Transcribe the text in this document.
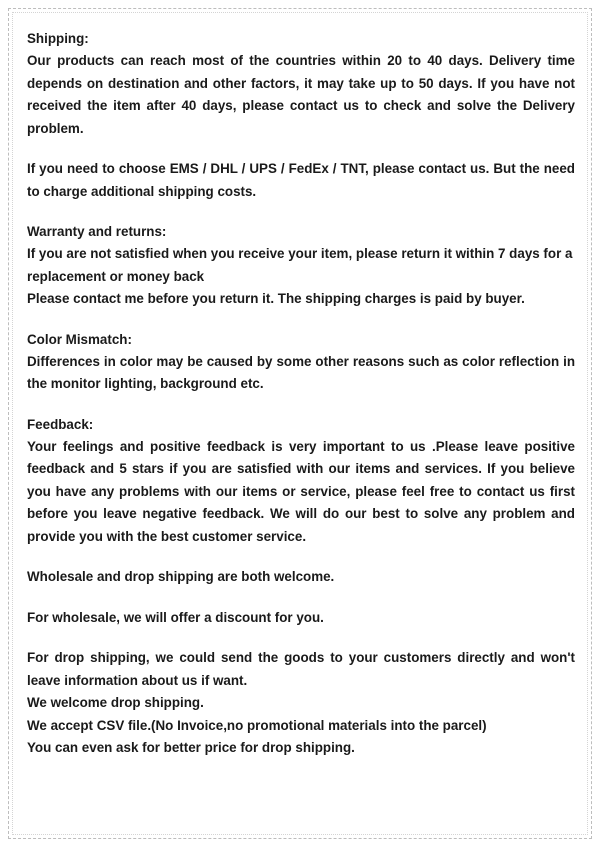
Shipping:

Our products can reach most of the countries within 20 to 40 days. Delivery time depends on destination and other factors, it may take up to 50 days. If you have not received the item after 40 days, please contact us to check and solve the Delivery problem.

If you need to choose EMS / DHL / UPS / FedEx / TNT, please contact us. But the need to charge additional shipping costs.

Warranty and returns:

If you are not satisfied when you receive your item, please return it within 7 days for a replacement or money back

Please contact me before you return it. The shipping charges is paid by buyer.

Color Mismatch:

Differences in color may be caused by some other reasons such as color reflection in the monitor lighting, background etc.

Feedback:

Your feelings and positive feedback is very important to us .Please leave positive feedback and 5 stars if you are satisfied with our items and services. If you believe you have any problems with our items or service, please feel free to contact us first before you leave negative feedback. We will do our best to solve any problem and provide you with the best customer service.

Wholesale and drop shipping are both welcome.

For wholesale, we will offer a discount for you.

For drop shipping, we could send the goods to your customers directly and won't leave information about us if want.

We welcome drop shipping.

We accept CSV file.(No Invoice,no promotional materials into the parcel)

You can even ask for better price for drop shipping.
